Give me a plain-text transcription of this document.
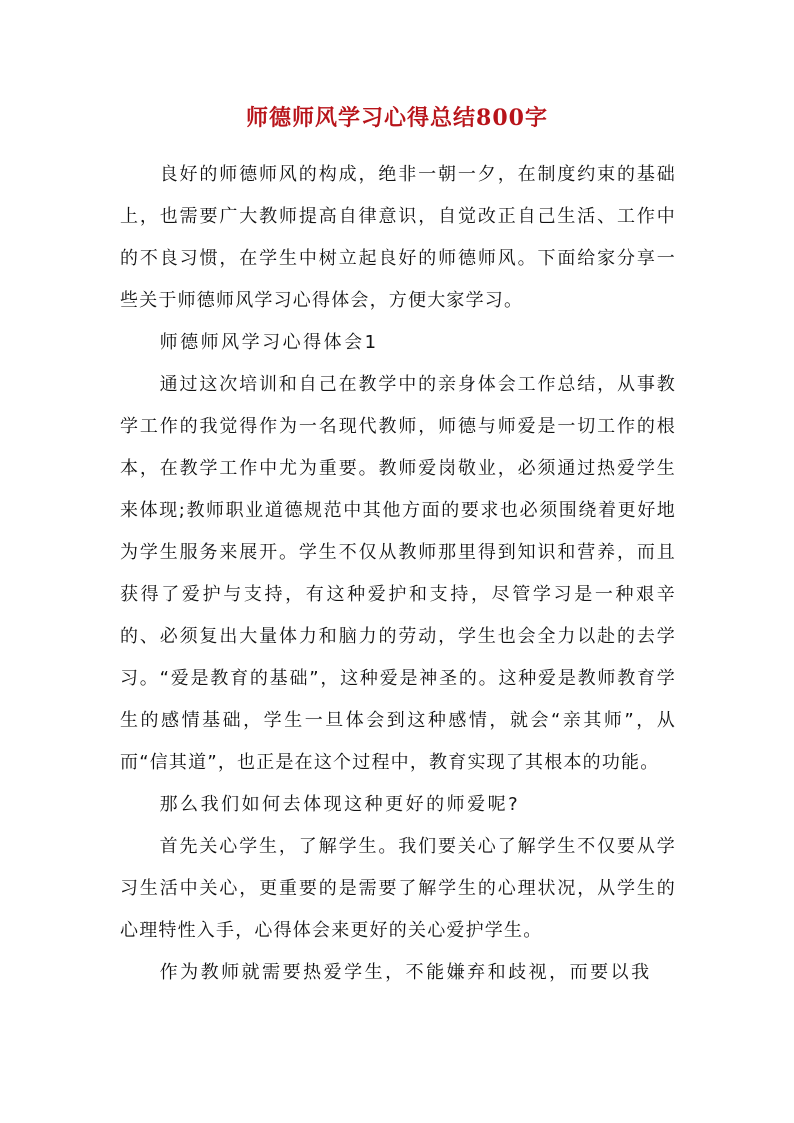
师德师风学习心得总结800字

良好的师德师风的构成，绝非一朝一夕，在制度约束的基础上，也需要广大教师提高自律意识，自觉改正自己生活、工作中的不良习惯，在学生中树立起良好的师德师风。下面给家分享一些关于师德师风学习心得体会，方便大家学习。

师德师风学习心得体会1

通过这次培训和自己在教学中的亲身体会工作总结，从事教学工作的我觉得作为一名现代教师，师德与师爱是一切工作的根本，在教学工作中尤为重要。教师爱岗敬业，必须通过热爱学生来体现;教师职业道德规范中其他方面的要求也必须围绕着更好地为学生服务来展开。学生不仅从教师那里得到知识和营养，而且获得了爱护与支持，有这种爱护和支持，尽管学习是一种艰辛的、必须复出大量体力和脑力的劳动，学生也会全力以赴的去学习。“爱是教育的基础”，这种爱是神圣的。这种爱是教师教育学生的感情基础，学生一旦体会到这种感情，就会“亲其师”，从而“信其道”，也正是在这个过程中，教育实现了其根本的功能。

那么我们如何去体现这种更好的师爱呢?

首先关心学生，了解学生。我们要关心了解学生不仅要从学习生活中关心，更重要的是需要了解学生的心理状况，从学生的心理特性入手，心得体会来更好的关心爱护学生。

作为教师就需要热爱学生，不能嫌弃和歧视，而要以我
